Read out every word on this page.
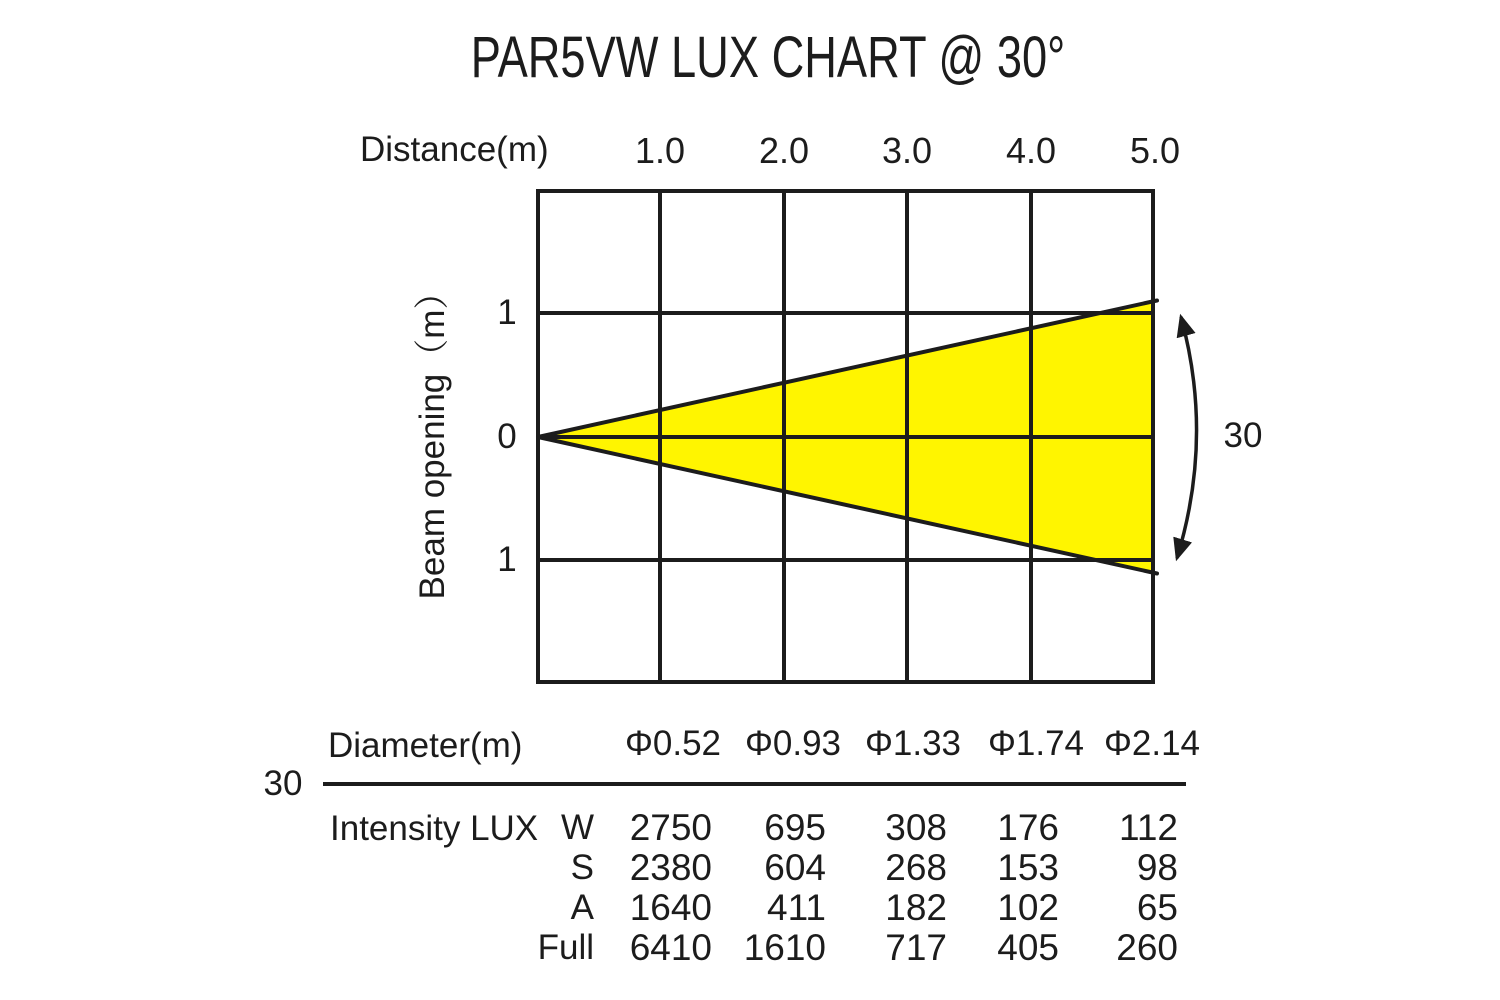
PAR5VW LUX CHART @ 30°
Distance(m) 1.0 2.0 3.0 4.0 5.0
Beam opening（m） 1
0
1
30
Diameter(m)	Φ0.52 Φ0.93 Φ1.33 Φ1.74 Φ2.14
30
Intensity LUX W 2750	695	308	176	112
S 2380	604	268	153	98
A 1640	411	182	102	65
Full 6410 1610	717	405	260
